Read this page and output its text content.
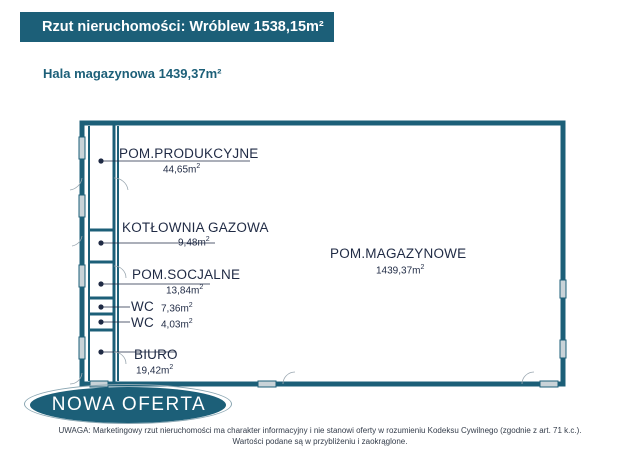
Rzut nieruchomości: Wróblew 1538,15m²
Hala magazynowa 1439,37m²
POM.PRODUKCYJNE
$44,65m^2$
KOTŁOWNIA GAZOWA
$9,48m^2$
POM.SOCJALNE
$13,84m^2$
WC $7,36m^2$
WC $4,03m^2$
BIURO
$19,42m^2$
POM.MAGAZYNOWE
$1439,37m^2$
NOWA OFERTA
UWAGA: Marketingowy rzut nieruchomości ma charakter informacyjny i nie stanowi oferty w rozumieniu Kodeksu Cywilnego (zgodnie z art. 71 k.c.).
Wartości podane są w przybliżeniu i zaokrąglone.
